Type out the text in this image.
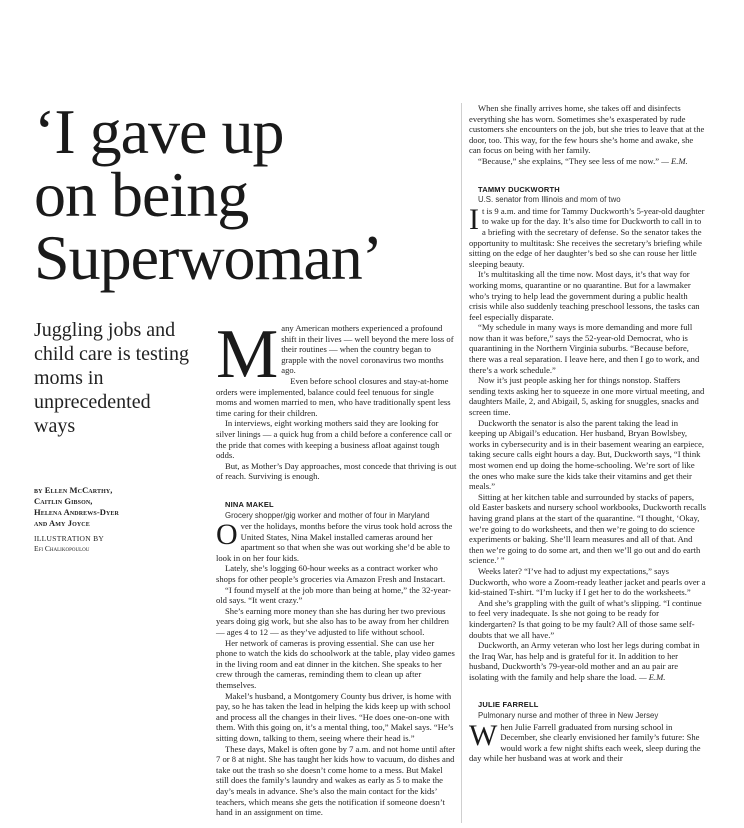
‘I gave up
on being
Superwoman’

Juggling jobs and child care is testing moms in unprecedented ways

by Ellen McCarthy,
Caitlin Gibson,
Helena Andrews-Dyer
and Amy Joyce
ILLUSTRATION BY
Efi Chalikopoulou
M any American mothers experienced a profound shift in their lives — well beyond the mere loss of their routines — when the country began to grapple with the novel coronavirus two months ago.

Even before school closures and stay-at-home orders were implemented, balance could feel tenuous for single moms and women married to men, who have traditionally spent less time caring for their children.

In interviews, eight working mothers said they are looking for silver linings — a quick hug from a child before a conference call or the pride that comes with keeping a business afloat against tough odds.

But, as Mother’s Day approaches, most concede that thriving is out of reach. Surviving is enough.

NINA MAKEL

Grocery shopper/gig worker and mother of four in Maryland

O ver the holidays, months before the virus took hold across the United States, Nina Makel installed cameras around her apartment so that when she was out working she’d be able to look in on her four kids.

Lately, she’s logging 60-hour weeks as a contract worker who shops for other people’s groceries via Amazon Fresh and Instacart.

“I found myself at the job more than being at home,” the 32-year-old says. “It went crazy.”

She’s earning more money than she has during her two previous years doing gig work, but she also has to be away from her children — ages 4 to 12 — as they’ve adjusted to life without school.

Her network of cameras is proving essential. She can use her phone to watch the kids do schoolwork at the table, play video games in the living room and eat dinner in the kitchen. She speaks to her crew through the cameras, reminding them to clean up after themselves.

Makel’s husband, a Montgomery County bus driver, is home with pay, so he has taken the lead in helping the kids keep up with school and process all the changes in their lives. “He does one-on-one with them. With this going on, it’s a mental thing, too,” Makel says. “He’s sitting down, talking to them, seeing where their head is.”

These days, Makel is often gone by 7 a.m. and not home until after 7 or 8 at night. She has taught her kids how to vacuum, do dishes and take out the trash so she doesn’t come home to a mess. But Makel still does the family’s laundry and wakes as early as 5 to make the day’s meals in advance. She’s also the main contact for the kids’ teachers, which means she gets the notification if someone doesn’t hand in an assignment on time.

When she finally arrives home, she takes off and disinfects everything she has worn. Sometimes she’s exasperated by rude customers she encounters on the job, but she tries to leave that at the door, too. This way, for the few hours she’s home and awake, she can focus on being with her family.

“Because,” she explains, “They see less of me now.” — E.M.

TAMMY DUCKWORTH

U.S. senator from Illinois and mom of two

I t is 9 a.m. and time for Tammy Duckworth’s 5-year-old daughter to wake up for the day. It’s also time for Duckworth to call in to a briefing with the secretary of defense. So the senator takes the opportunity to multitask: She receives the secretary’s briefing while sitting on the edge of her daughter’s bed so she can rouse her little sleeping beauty.

It’s multitasking all the time now. Most days, it’s that way for working moms, quarantine or no quarantine. But for a lawmaker who’s trying to help lead the government during a public health crisis while also suddenly teaching preschool lessons, the tasks can feel especially disparate.

“My schedule in many ways is more demanding and more full now than it was before,” says the 52-year-old Democrat, who is quarantining in the Northern Virginia suburbs. “Because before, there was a real separation. I leave here, and then I go to work, and there’s a work schedule.”

Now it’s just people asking her for things nonstop. Staffers sending texts asking her to squeeze in one more virtual meeting, and daughters Maile, 2, and Abigail, 5, asking for snuggles, snacks and screen time.

Duckworth the senator is also the parent taking the lead in keeping up Abigail’s education. Her husband, Bryan Bowlsbey, works in cybersecurity and is in their basement wearing an earpiece, taking secure calls eight hours a day. But, Duckworth says, “I think most women end up doing the home-schooling. We’re sort of like the ones who make sure the kids take their vitamins and get their meals.”

Sitting at her kitchen table and surrounded by stacks of papers, old Easter baskets and nursery school workbooks, Duckworth recalls having grand plans at the start of the quarantine. “I thought, ‘Okay, we’re going to do worksheets, and then we’re going to do science experiments or baking. She’ll learn measures and all of that. And then we’re going to do some art, and then we’ll go out and do earth science.’ ”

Weeks later? “I’ve had to adjust my expectations,” says Duckworth, who wore a Zoom-ready leather jacket and pearls over a kid-stained T-shirt. “I’m lucky if I get her to do the worksheets.”

And she’s grappling with the guilt of what’s slipping. “I continue to feel very inadequate. Is she not going to be ready for kindergarten? Is that going to be my fault? All of those same self-doubts that we all have.”

Duckworth, an Army veteran who lost her legs during combat in the Iraq War, has help and is grateful for it. In addition to her husband, Duckworth’s 79-year-old mother and an au pair are isolating with the family and help share the load. — E.M.

JULIE FARRELL

Pulmonary nurse and mother of three in New Jersey

W hen Julie Farrell graduated from nursing school in December, she clearly envisioned her family’s future: She would work a few night shifts each week, sleep during the day while her husband was at work and their
